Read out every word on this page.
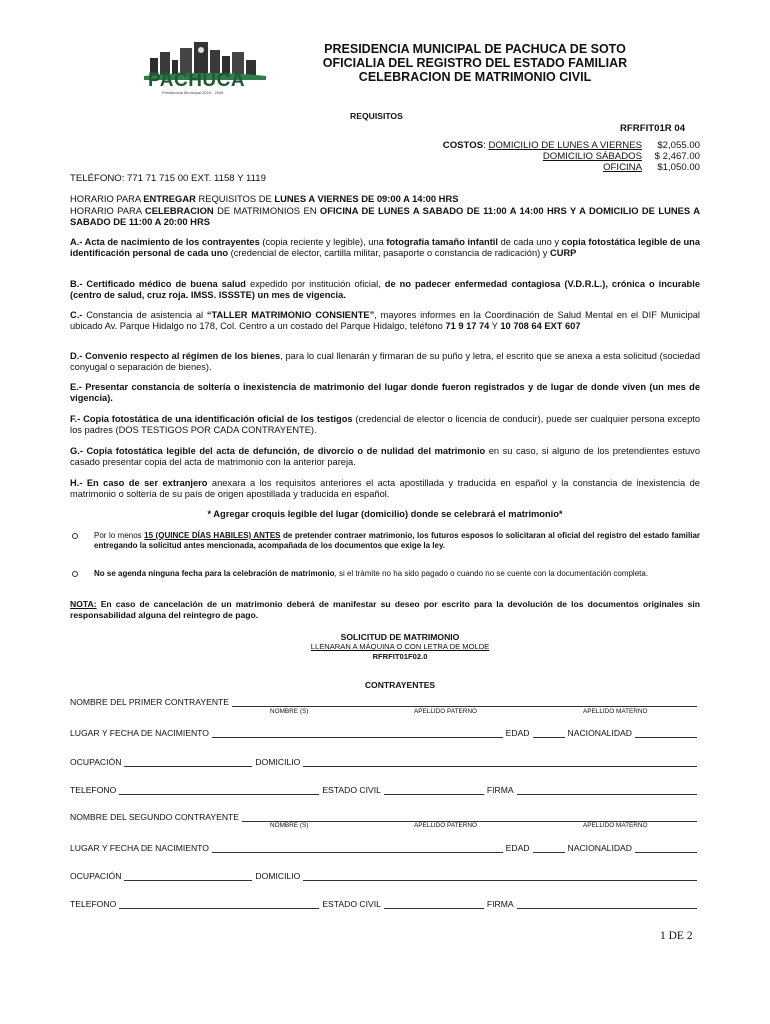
PACHUCA
Presidencia Municipal 2024 - 2026
PRESIDENCIA MUNICIPAL DE PACHUCA DE SOTO
OFICIALIA DEL REGISTRO DEL ESTADO FAMILIAR
CELEBRACION DE MATRIMONIO CIVIL
REQUISITOS
RFRFIT01R 04
COSTOS : DOMICILIO DE LUNES A VIERNES	$2,055.00
DOMICILIO SÁBADOS	$ 2,467.00
OFICINA	$1,050.00
TELÉFONO: 771 71 715 00 EXT. 1158 Y 1119
HORARIO PARA ENTREGAR REQUISITOS DE LUNES A VIERNES DE 09:00 A 14:00 HRS
HORARIO PARA CELEBRACION DE MATRIMONIOS EN OFICINA DE LUNES A SABADO DE 11:00 A 14:00 HRS Y A DOMICILIO DE LUNES A SABADO DE 11:00 A 20:00 HRS
A.- Acta de nacimiento de los contrayentes (copia reciente y legible), una fotografía tamaño infantil de cada uno y copia fotostática legible de una identificación personal de cada uno (credencial de elector, cartilla militar, pasaporte o constancia de radicación) y CURP
B.- Certificado médico de buena salud expedido por institución oficial, de no padecer enfermedad contagiosa (V.D.R.L.), crónica o incurable (centro de salud, cruz roja. IMSS. ISSSTE) un mes de vigencia.
C.- Constancia de asistencia al “TALLER MATRIMONIO CONSIENTE”, mayores informes en la Coordinación de Salud Mental en el DIF Municipal ubicado Av. Parque Hidalgo no 178, Col. Centro a un costado del Parque Hidalgo, teléfono 71 9 17 74 Y 10 708 64 EXT 607
D.- Convenio respecto al régimen de los bienes, para lo cual llenarán y firmaran de su puño y letra, el escrito que se anexa a esta solicitud (sociedad conyugal o separación de bienes).
E.- Presentar constancia de soltería o inexistencia de matrimonio del lugar donde fueron registrados y de lugar de donde viven (un mes de vigencia).
F.- Copia fotostática de una identificación oficial de los testigos (credencial de elector o licencia de conducir), puede ser cualquier persona excepto los padres (DOS TESTIGOS POR CADA CONTRAYENTE).
G.- Copia fotostática legible del acta de defunción, de divorcio o de nulidad del matrimonio en su caso, si alguno de los pretendientes estuvo casado presentar copia del acta de matrimonio con la anterior pareja.
H.- En caso de ser extranjero anexara a los requisitos anteriores el acta apostillada y traducida en español y la constancia de inexistencia de matrimonio o soltería de su país de origen apostillada y traducida en español.
* Agregar croquis legible del lugar (domicilio) donde se celebrará el matrimonio*
Por lo menos 15 (QUINCE DÍAS HABILES) ANTES de pretender contraer matrimonio, los futuros esposos lo solicitaran al oficial del registro del estado familiar entregando la solicitud antes mencionada, acompañada de los documentos que exige la ley.
No se agenda ninguna fecha para la celebración de matrimonio, si el trámite no ha sido pagado o cuando no se cuente con la documentación completa.
NOTA: En caso de cancelación de un matrimonio deberá de manifestar su deseo por escrito para la devolución de los documentos originales sin responsabilidad alguna del reintegro de pago.
SOLICITUD DE MATRIMONIO
LLENARAN A MÁQUINA O CON LETRA DE MOLDE
RFRFIT01F02.0
CONTRAYENTES
NOMBRE DEL PRIMER CONTRAYENTE
NOMBRE (S)	APELLIDO PATERNO	APELLIDO MATERNO
LUGAR Y FECHA DE NACIMIENTO	EDAD	NACIONALIDAD
OCUPACIÓN	DOMICILIO
TELEFONO	ESTADO CIVIL	FIRMA
NOMBRE DEL SEGUNDO CONTRAYENTE
NOMBRE (S)	APELLIDO PATERNO	APELLIDO MATERNO
LUGAR Y FECHA DE NACIMIENTO	EDAD	NACIONALIDAD
OCUPACIÓN	DOMICILIO
TELEFONO	ESTADO CIVIL	FIRMA
1 DE 2
